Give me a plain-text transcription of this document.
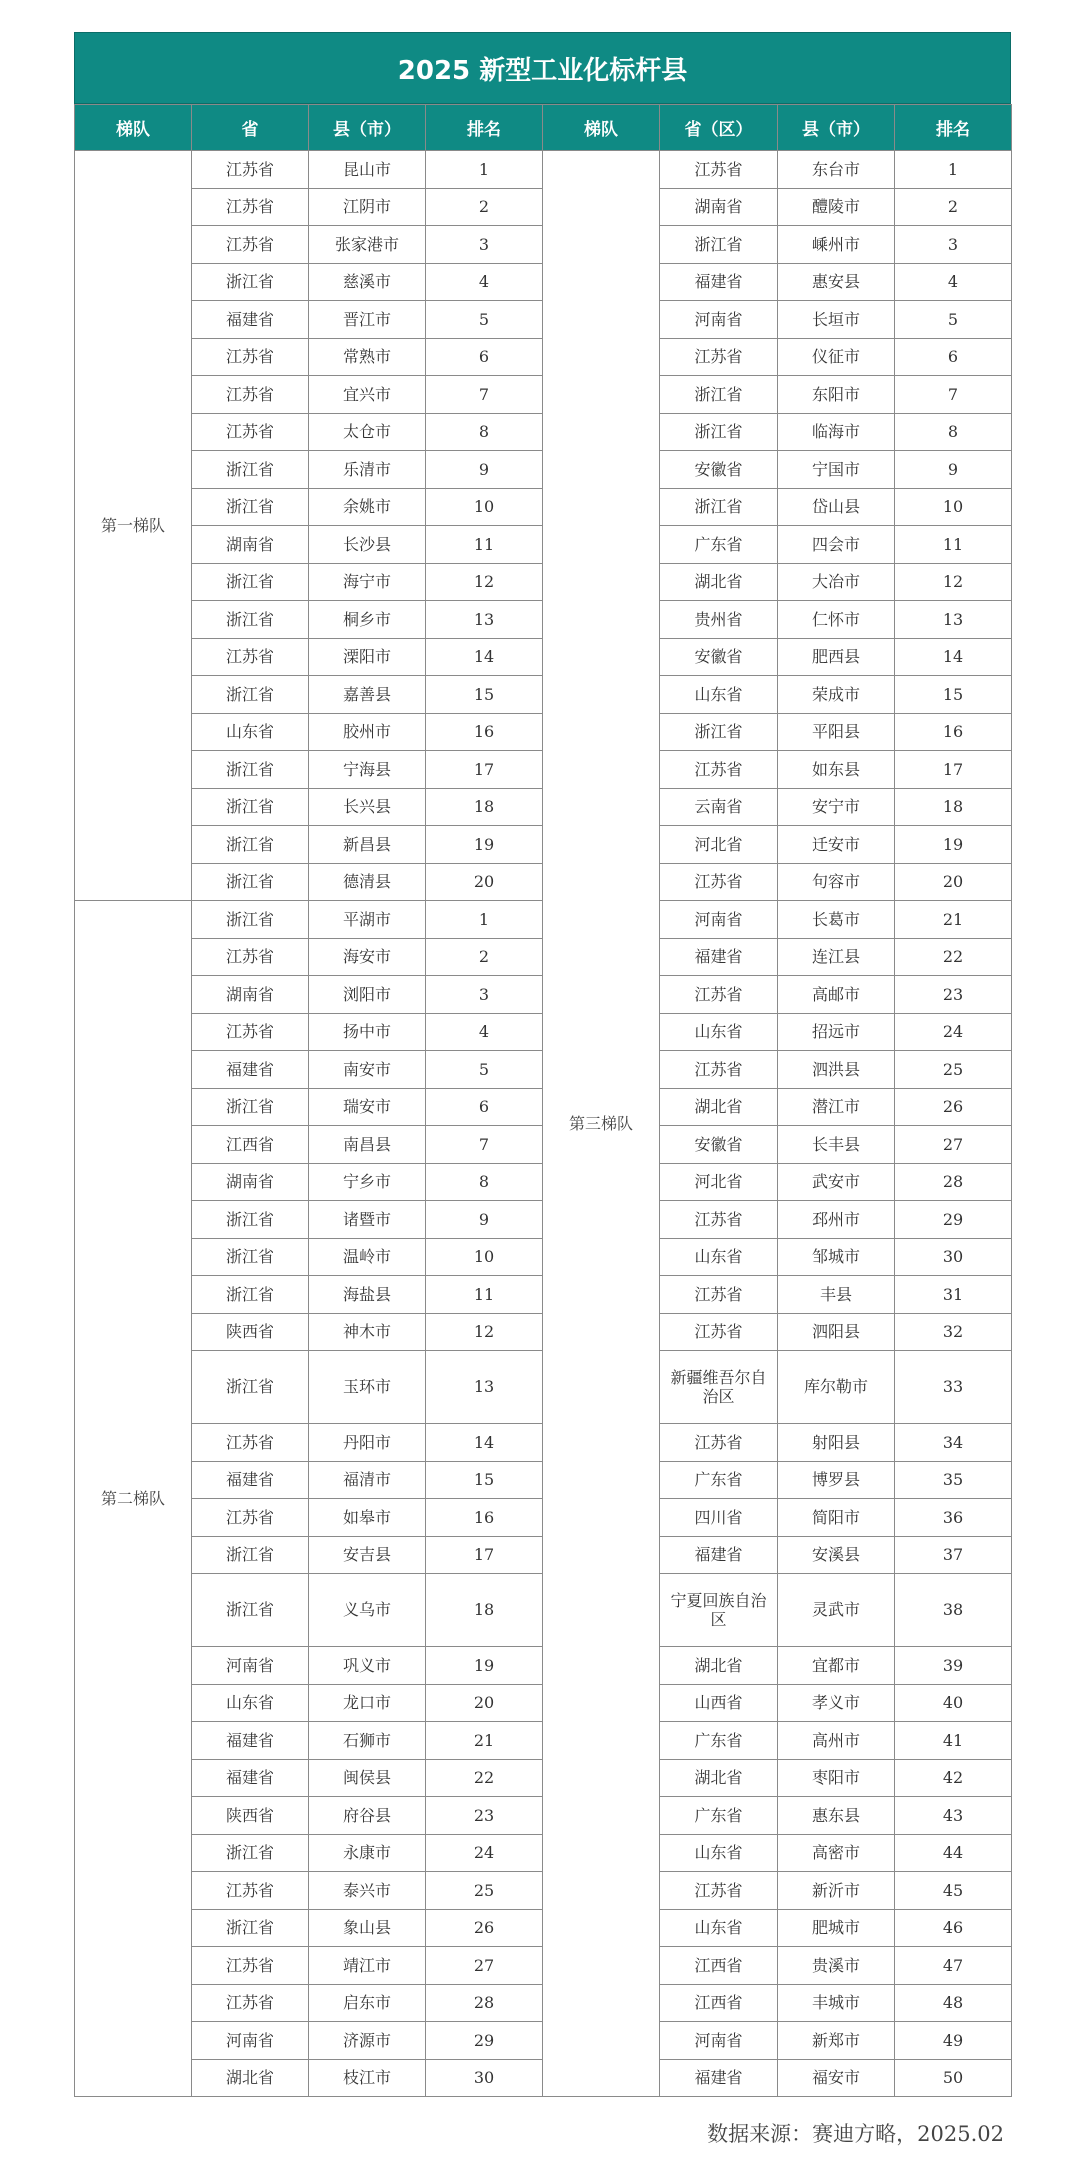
2025 新型工业化标杆县
梯队	省	县（市）	排名	梯队	省（区）	县（市）	排名
第一梯队	江苏省	昆山市	1	第三梯队	江苏省	东台市	1
	江苏省	江阴市	2		湖南省	醴陵市	2
	江苏省	张家港市	3		浙江省	嵊州市	3
	浙江省	慈溪市	4		福建省	惠安县	4
	福建省	晋江市	5		河南省	长垣市	5
	江苏省	常熟市	6		江苏省	仪征市	6
	江苏省	宜兴市	7		浙江省	东阳市	7
	江苏省	太仓市	8		浙江省	临海市	8
	浙江省	乐清市	9		安徽省	宁国市	9
	浙江省	余姚市	10		浙江省	岱山县	10
	湖南省	长沙县	11		广东省	四会市	11
	浙江省	海宁市	12		湖北省	大冶市	12
	浙江省	桐乡市	13		贵州省	仁怀市	13
	江苏省	溧阳市	14		安徽省	肥西县	14
	浙江省	嘉善县	15		山东省	荣成市	15
	山东省	胶州市	16		浙江省	平阳县	16
	浙江省	宁海县	17		江苏省	如东县	17
	浙江省	长兴县	18		云南省	安宁市	18
	浙江省	新昌县	19		河北省	迁安市	19
	浙江省	德清县	20		江苏省	句容市	20
第二梯队	浙江省	平湖市	1		河南省	长葛市	21
	江苏省	海安市	2		福建省	连江县	22
	湖南省	浏阳市	3		江苏省	高邮市	23
	江苏省	扬中市	4		山东省	招远市	24
	福建省	南安市	5		江苏省	泗洪县	25
	浙江省	瑞安市	6		湖北省	潜江市	26
	江西省	南昌县	7		安徽省	长丰县	27
	湖南省	宁乡市	8		河北省	武安市	28
	浙江省	诸暨市	9		江苏省	邳州市	29
	浙江省	温岭市	10		山东省	邹城市	30
	浙江省	海盐县	11		江苏省	丰县	31
	陕西省	神木市	12		江苏省	泗阳县	32
	浙江省	玉环市	13		新疆维吾尔自治区	库尔勒市	33
	江苏省	丹阳市	14		江苏省	射阳县	34
	福建省	福清市	15		广东省	博罗县	35
	江苏省	如皋市	16		四川省	简阳市	36
	浙江省	安吉县	17		福建省	安溪县	37
	浙江省	义乌市	18		宁夏回族自治区	灵武市	38
	河南省	巩义市	19		湖北省	宜都市	39
	山东省	龙口市	20		山西省	孝义市	40
	福建省	石狮市	21		广东省	高州市	41
	福建省	闽侯县	22		湖北省	枣阳市	42
	陕西省	府谷县	23		广东省	惠东县	43
	浙江省	永康市	24		山东省	高密市	44
	江苏省	泰兴市	25		江苏省	新沂市	45
	浙江省	象山县	26		山东省	肥城市	46
	江苏省	靖江市	27		江西省	贵溪市	47
	江苏省	启东市	28		江西省	丰城市	48
	河南省	济源市	29		河南省	新郑市	49
	湖北省	枝江市	30		福建省	福安市	50
数据来源：赛迪方略，2025.02
